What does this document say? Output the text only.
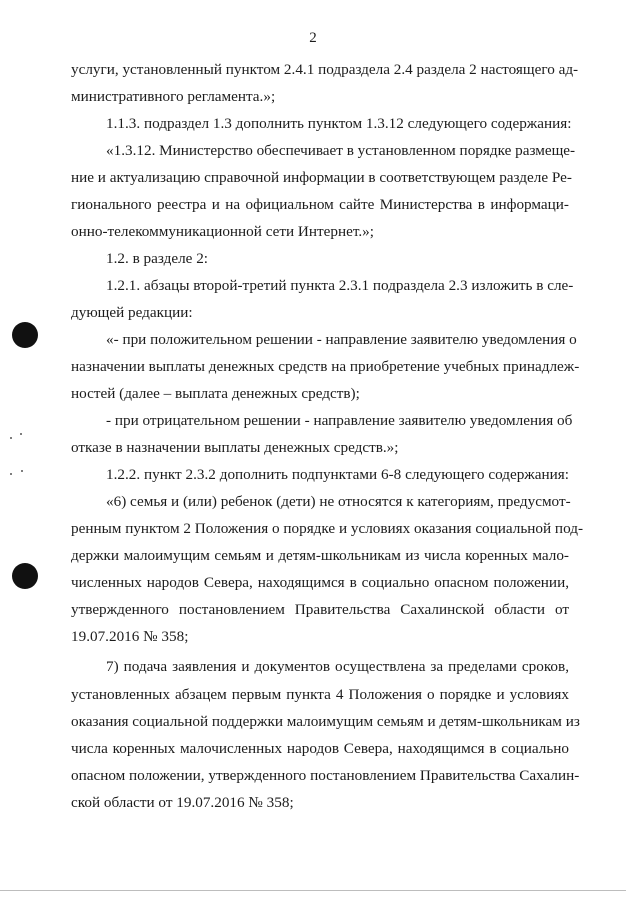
2
услуги, установленный пунктом 2.4.1 подраздела 2.4 раздела 2 настоящего ад-
министративного регламента.»;
1.1.3. подраздел 1.3 дополнить пунктом 1.3.12 следующего содержания:
«1.3.12. Министерство обеспечивает в установленном порядке размеще-
ние и актуализацию справочной информации в соответствующем разделе Ре-
гионального реестра и на официальном сайте Министерства в информаци-
онно-телекоммуникационной сети Интернет.»;
1.2. в разделе 2:
1.2.1. абзацы второй-третий пункта 2.3.1 подраздела 2.3 изложить в сле-
дующей редакции:
«- при положительном решении - направление заявителю уведомления о
назначении выплаты денежных средств на приобретение учебных принадлеж-
ностей (далее – выплата денежных средств);
- при отрицательном решении - направление заявителю уведомления об
отказе в назначении выплаты денежных средств.»;
1.2.2. пункт 2.3.2 дополнить подпунктами 6-8 следующего содержания:
«6) семья и (или) ребенок (дети) не относятся к категориям, предусмот-
ренным пунктом 2 Положения о порядке и условиях оказания социальной под-
держки малоимущим семьям и детям-школьникам из числа коренных мало-
численных народов Севера, находящимся в социально опасном положении,
утвержденного постановлением Правительства Сахалинской области от
19.07.2016 № 358;
7) подача заявления и документов осуществлена за пределами сроков,
установленных абзацем первым пункта 4 Положения о порядке и условиях
оказания социальной поддержки малоимущим семьям и детям-школьникам из
числа коренных малочисленных народов Севера, находящимся в социально
опасном положении, утвержденного постановлением Правительства Сахалин-
ской области от 19.07.2016 № 358;
